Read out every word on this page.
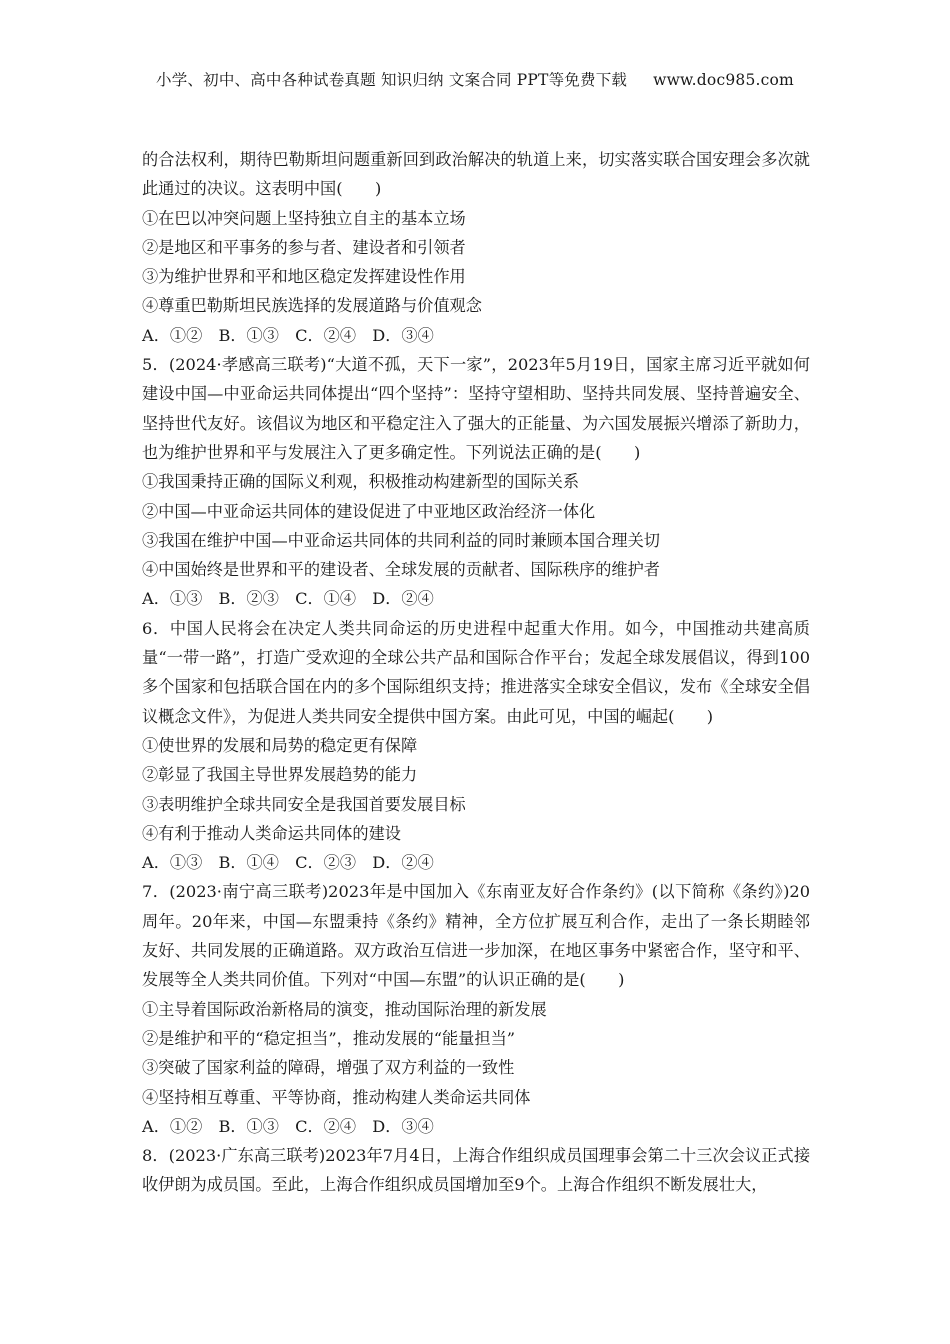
小学、初中、高中各种试卷真题 知识归纳 文案合同 PPT等免费下载 www.doc985.com

的合法权利，期待巴勒斯坦问题重新回到政治解决的轨道上来，切实落实联合国安理会多次就此通过的决议。这表明中国(　　)

①在巴以冲突问题上坚持独立自主的基本立场

②是地区和平事务的参与者、建设者和引领者

③为维护世界和平和地区稳定发挥建设性作用

④尊重巴勒斯坦民族选择的发展道路与价值观念

A．①②　B．①③　C．②④　D．③④

5．(2024·孝感高三联考)“大道不孤，天下一家”，2023年5月19日，国家主席习近平就如何建设中国—中亚命运共同体提出“四个坚持”：坚持守望相助、坚持共同发展、坚持普遍安全、坚持世代友好。该倡议为地区和平稳定注入了强大的正能量、为六国发展振兴增添了新助力，也为维护世界和平与发展注入了更多确定性。下列说法正确的是(　　)

①我国秉持正确的国际义利观，积极推动构建新型的国际关系

②中国—中亚命运共同体的建设促进了中亚地区政治经济一体化

③我国在维护中国—中亚命运共同体的共同利益的同时兼顾本国合理关切

④中国始终是世界和平的建设者、全球发展的贡献者、国际秩序的维护者

A．①③　B．②③　C．①④　D．②④

6．中国人民将会在决定人类共同命运的历史进程中起重大作用。如今，中国推动共建高质量“一带一路”，打造广受欢迎的全球公共产品和国际合作平台；发起全球发展倡议，得到100多个国家和包括联合国在内的多个国际组织支持；推进落实全球安全倡议，发布《全球安全倡议概念文件》，为促进人类共同安全提供中国方案。由此可见，中国的崛起(　　)

①使世界的发展和局势的稳定更有保障

②彰显了我国主导世界发展趋势的能力

③表明维护全球共同安全是我国首要发展目标

④有利于推动人类命运共同体的建设

A．①③　B．①④　C．②③　D．②④

7．(2023·南宁高三联考)2023年是中国加入《东南亚友好合作条约》(以下简称《条约》)20周年。20年来，中国—东盟秉持《条约》精神，全方位扩展互利合作，走出了一条长期睦邻友好、共同发展的正确道路。双方政治互信进一步加深，在地区事务中紧密合作，坚守和平、发展等全人类共同价值。下列对“中国—东盟”的认识正确的是(　　)

①主导着国际政治新格局的演变，推动国际治理的新发展

②是维护和平的“稳定担当”，推动发展的“能量担当”

③突破了国家利益的障碍，增强了双方利益的一致性

④坚持相互尊重、平等协商，推动构建人类命运共同体

A．①②　B．①③　C．②④　D．③④

8．(2023·广东高三联考)2023年7月4日，上海合作组织成员国理事会第二十三次会议正式接收伊朗为成员国。至此，上海合作组织成员国增加至9个。上海合作组织不断发展壮大，
